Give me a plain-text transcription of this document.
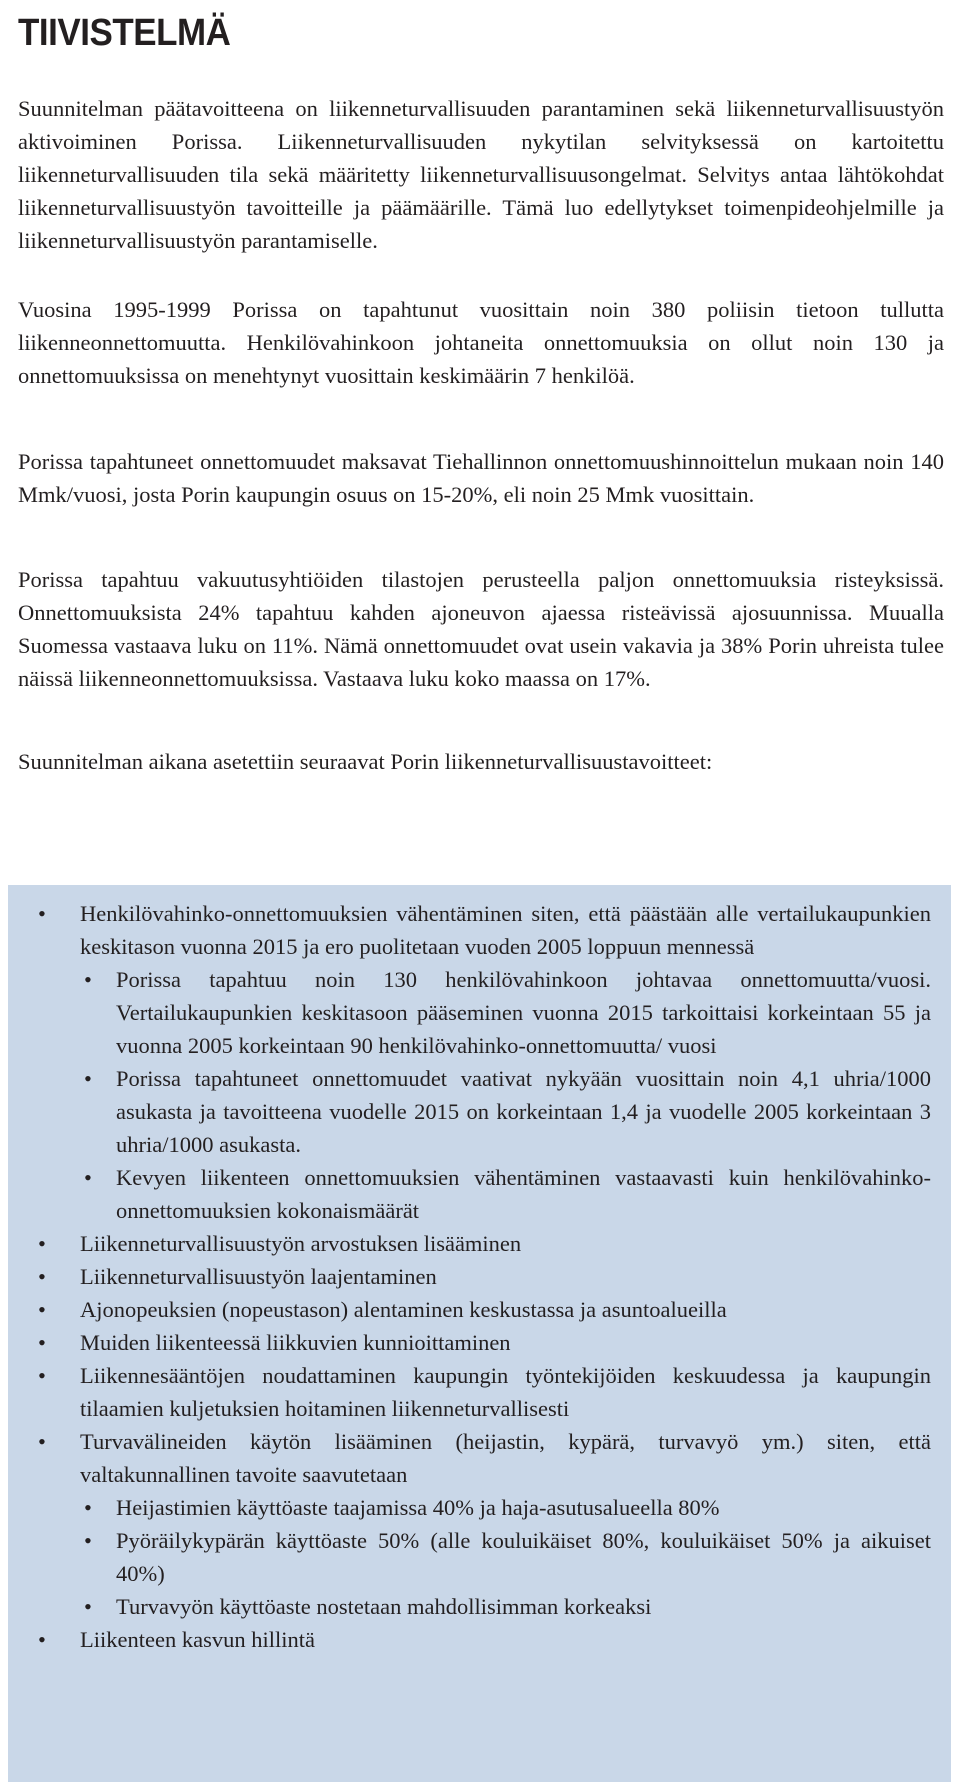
TIIVISTELMÄ

Suunnitelman päätavoitteena on liikenneturvallisuuden parantaminen sekä liikenneturvallisuustyön aktivoiminen Porissa. Liikenneturvallisuuden nykytilan selvityksessä on kartoitettu liikenneturvallisuuden tila sekä määritetty liikenneturvallisuusongelmat. Selvitys antaa lähtökohdat liikenneturvallisuustyön tavoitteille ja päämäärille. Tämä luo edellytykset toimenpideohjelmille ja liikenneturvallisuustyön parantamiselle.

Vuosina 1995-1999 Porissa on tapahtunut vuosittain noin 380 poliisin tietoon tullutta liikenneonnettomuutta. Henkilövahinkoon johtaneita onnettomuuksia on ollut noin 130 ja onnettomuuksissa on menehtynyt vuosittain keskimäärin 7 henkilöä.

Porissa tapahtuneet onnettomuudet maksavat Tiehallinnon onnettomuushinnoittelun mukaan noin 140 Mmk/vuosi, josta Porin kaupungin osuus on 15-20%, eli noin 25 Mmk vuosittain.

Porissa tapahtuu vakuutusyhtiöiden tilastojen perusteella paljon onnettomuuksia risteyksissä. Onnettomuuksista 24% tapahtuu kahden ajoneuvon ajaessa risteävissä ajosuunnissa. Muualla Suomessa vastaava luku on 11%. Nämä onnettomuudet ovat usein vakavia ja 38% Porin uhreista tulee näissä liikenneonnettomuuksissa. Vastaava luku koko maassa on 17%.

Suunnitelman aikana asetettiin seuraavat Porin liikenneturvallisuustavoitteet:

• Henkilövahinko-onnettomuuksien vähentäminen siten, että päästään alle vertailukaupunkien keskitason vuonna 2015 ja ero puolitetaan vuoden 2005 loppuun mennessä
• Porissa tapahtuu noin 130 henkilövahinkoon johtavaa onnettomuutta/vuosi. Vertailukaupunkien keskitasoon pääseminen vuonna 2015 tarkoittaisi korkeintaan 55 ja vuonna 2005 korkeintaan 90 henkilövahinko-onnettomuutta/ vuosi
• Porissa tapahtuneet onnettomuudet vaativat nykyään vuosittain noin 4,1 uhria/1000 asukasta ja tavoitteena vuodelle 2015 on korkeintaan 1,4 ja vuodelle 2005 korkeintaan 3 uhria/1000 asukasta.
• Kevyen liikenteen onnettomuuksien vähentäminen vastaavasti kuin henkilövahinko-onnettomuuksien kokonaismäärät
• Liikenneturvallisuustyön arvostuksen lisääminen
• Liikenneturvallisuustyön laajentaminen
• Ajonopeuksien (nopeustason) alentaminen keskustassa ja asuntoalueilla
• Muiden liikenteessä liikkuvien kunnioittaminen
• Liikennesääntöjen noudattaminen kaupungin työntekijöiden keskuudessa ja kaupungin tilaamien kuljetuksien hoitaminen liikenneturvallisesti
• Turvavälineiden käytön lisääminen (heijastin, kypärä, turvavyö ym.) siten, että valtakunnallinen tavoite saavutetaan
• Heijastimien käyttöaste taajamissa 40% ja haja-asutusalueella 80%
• Pyöräilykypärän käyttöaste 50% (alle kouluikäiset 80%, kouluikäiset 50% ja aikuiset 40%)
• Turvavyön käyttöaste nostetaan mahdollisimman korkeaksi
• Liikenteen kasvun hillintä
